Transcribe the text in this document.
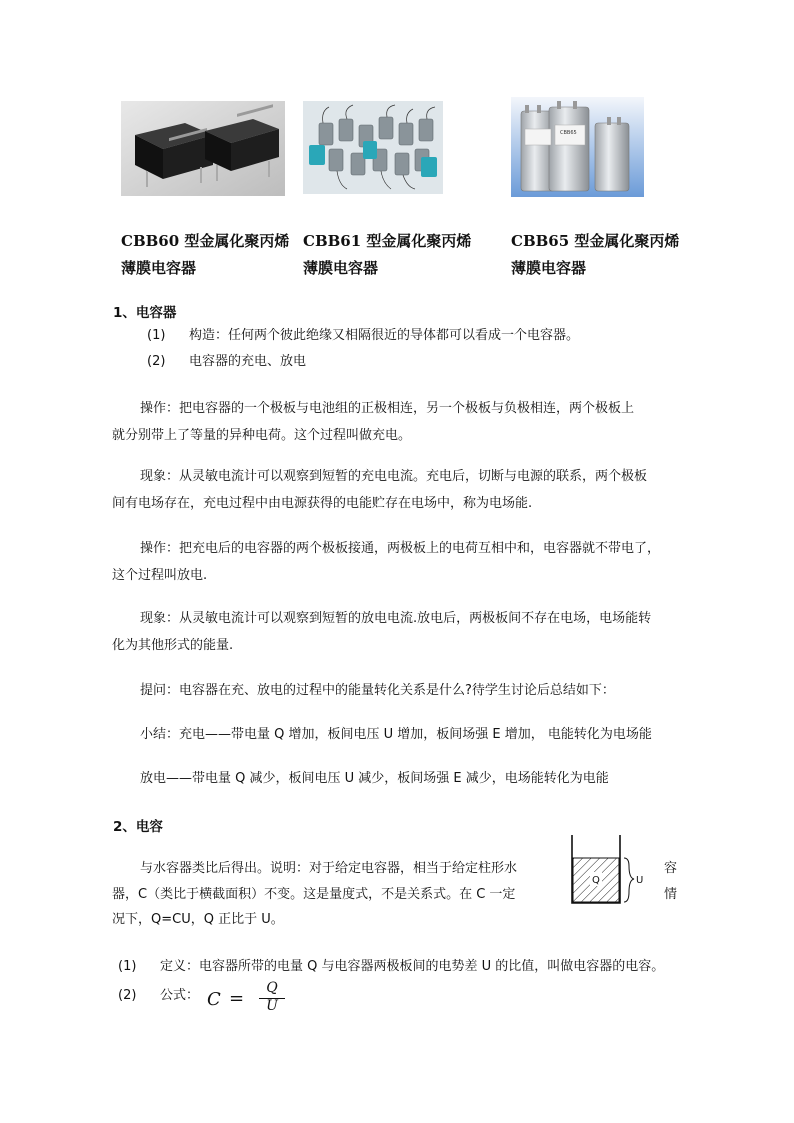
CBB65
CBB60 型金属化聚丙烯
薄膜电容器
CBB61 型金属化聚丙烯
薄膜电容器
CBB65 型金属化聚丙烯
薄膜电容器
1、电容器
(1) 构造：任何两个彼此绝缘又相隔很近的导体都可以看成一个电容器。
(2) 电容器的充电、放电
操作：把电容器的一个极板与电池组的正极相连，另一个极板与负极相连，两个极板上
就分别带上了等量的异种电荷。这个过程叫做充电。
现象：从灵敏电流计可以观察到短暂的充电电流。充电后，切断与电源的联系，两个极板
间有电场存在，充电过程中由电源获得的电能贮存在电场中，称为电场能.
操作：把充电后的电容器的两个极板接通，两极板上的电荷互相中和，电容器就不带电了，
这个过程叫放电.
现象：从灵敏电流计可以观察到短暂的放电电流.放电后，两极板间不存在电场，电场能转
化为其他形式的能量.
提问：电容器在充、放电的过程中的能量转化关系是什么?待学生讨论后总结如下：
小结：充电——带电量 Q 增加，板间电压 U 增加，板间场强 E 增加， 电能转化为电场能
放电——带电量 Q 减少，板间电压 U 减少，板间场强 E 减少，电场能转化为电能
2、电容
与水容器类比后得出。说明：对于给定电容器，相当于给定柱形水
器，C（类比于横截面积）不变。这是量度式，不是关系式。在 C 一定
况下，Q=CU，Q 正比于 U。
容
情
Q	U
(1) 定义：电容器所带的电量 Q 与电容器两极板间的电势差 U 的比值，叫做电容器的电容。
(2) 公式： C =	Q
U
